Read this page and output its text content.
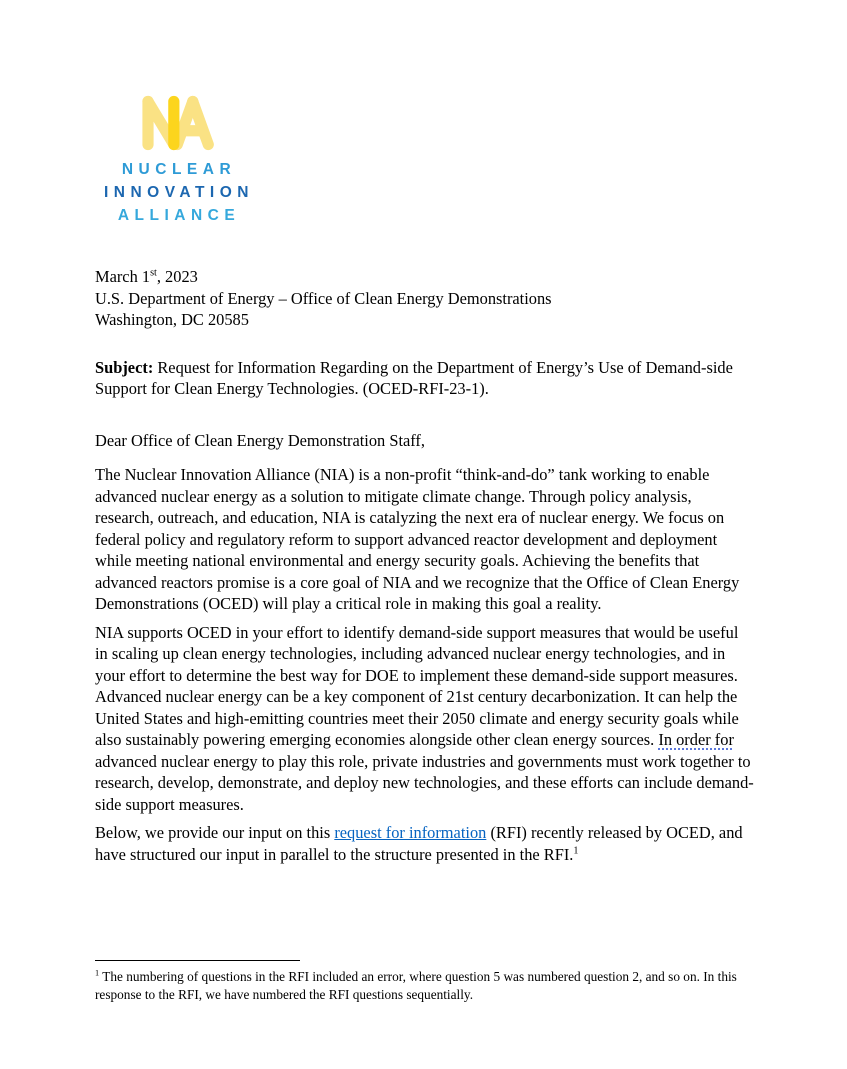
NUCLEAR
INNOVATION
ALLIANCE
March 1st, 2023
U.S. Department of Energy – Office of Clean Energy Demonstrations
Washington, DC 20585
Subject: Request for Information Regarding on the Department of Energy’s Use of Demand-side Support for Clean Energy Technologies. (OCED-RFI-23-1).
Dear Office of Clean Energy Demonstration Staff,
The Nuclear Innovation Alliance (NIA) is a non-profit “think-and-do” tank working to enable advanced nuclear energy as a solution to mitigate climate change. Through policy analysis, research, outreach, and education, NIA is catalyzing the next era of nuclear energy. We focus on federal policy and regulatory reform to support advanced reactor development and deployment while meeting national environmental and energy security goals. Achieving the benefits that advanced reactors promise is a core goal of NIA and we recognize that the Office of Clean Energy Demonstrations (OCED) will play a critical role in making this goal a reality.
NIA supports OCED in your effort to identify demand-side support measures that would be useful in scaling up clean energy technologies, including advanced nuclear energy technologies, and in your effort to determine the best way for DOE to implement these demand-side support measures. Advanced nuclear energy can be a key component of 21st century decarbonization. It can help the United States and high-emitting countries meet their 2050 climate and energy security goals while also sustainably powering emerging economies alongside other clean energy sources. In order for advanced nuclear energy to play this role, private industries and governments must work together to research, develop, demonstrate, and deploy new technologies, and these efforts can include demand-side support measures.
Below, we provide our input on this request for information (RFI) recently released by OCED, and have structured our input in parallel to the structure presented in the RFI.$^1$
$^1$ The numbering of questions in the RFI included an error, where question 5 was numbered question 2, and so on. In this response to the RFI, we have numbered the RFI questions sequentially.
